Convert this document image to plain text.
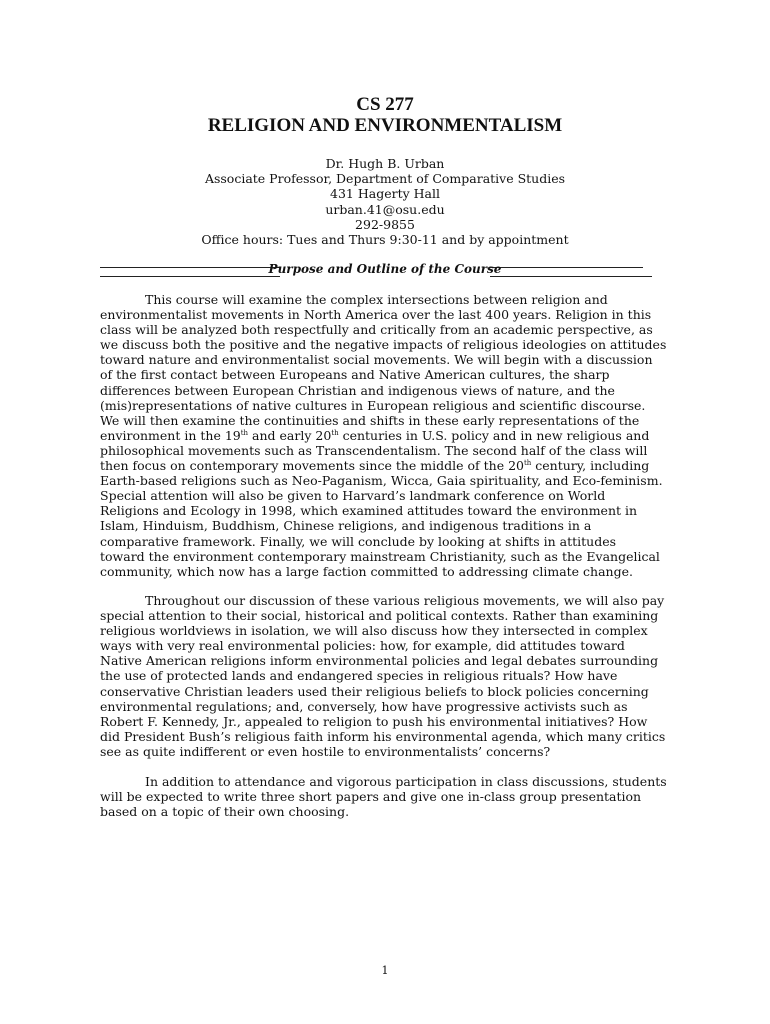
CS 277
RELIGION AND ENVIRONMENTALISM
Dr. Hugh B. Urban
Associate Professor, Department of Comparative Studies
431 Hagerty Hall
urban.41@osu.edu
292-9855
Office hours: Tues and Thurs 9:30-11 and by appointment
Purpose and Outline of the Course
This course will examine the complex intersections between religion and
environmentalist movements in North America over the last 400 years. Religion in this
class will be analyzed both respectfully and critically from an academic perspective, as
we discuss both the positive and the negative impacts of religious ideologies on attitudes
toward nature and environmentalist social movements. We will begin with a discussion
of the first contact between Europeans and Native American cultures, the sharp
differences between European Christian and indigenous views of nature, and the
(mis)representations of native cultures in European religious and scientific discourse.
We will then examine the continuities and shifts in these early representations of the
environment in the 19th and early 20th centuries in U.S. policy and in new religious and
philosophical movements such as Transcendentalism. The second half of the class will
then focus on contemporary movements since the middle of the 20th century, including
Earth-based religions such as Neo-Paganism, Wicca, Gaia spirituality, and Eco-feminism.
Special attention will also be given to Harvard’s landmark conference on World
Religions and Ecology in 1998, which examined attitudes toward the environment in
Islam, Hinduism, Buddhism, Chinese religions, and indigenous traditions in a
comparative framework. Finally, we will conclude by looking at shifts in attitudes
toward the environment contemporary mainstream Christianity, such as the Evangelical
community, which now has a large faction committed to addressing climate change.
Throughout our discussion of these various religious movements, we will also pay
special attention to their social, historical and political contexts. Rather than examining
religious worldviews in isolation, we will also discuss how they intersected in complex
ways with very real environmental policies: how, for example, did attitudes toward
Native American religions inform environmental policies and legal debates surrounding
the use of protected lands and endangered species in religious rituals? How have
conservative Christian leaders used their religious beliefs to block policies concerning
environmental regulations; and, conversely, how have progressive activists such as
Robert F. Kennedy, Jr., appealed to religion to push his environmental initiatives? How
did President Bush’s religious faith inform his environmental agenda, which many critics
see as quite indifferent or even hostile to environmentalists’ concerns?
In addition to attendance and vigorous participation in class discussions, students
will be expected to write three short papers and give one in-class group presentation
based on a topic of their own choosing.
1
